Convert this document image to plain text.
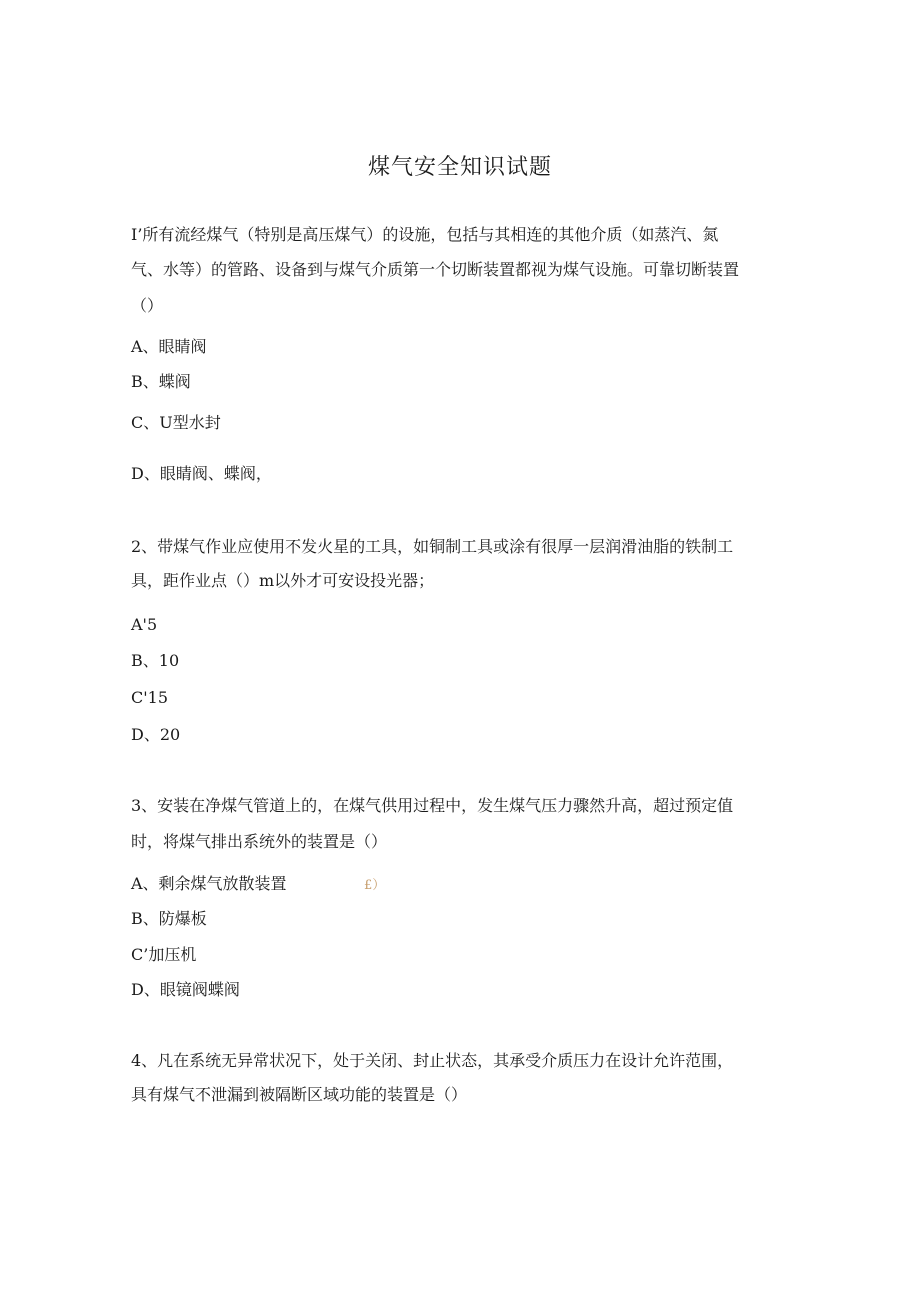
煤气安全知识试题
I’所有流经煤气（特别是高压煤气）的设施，包括与其相连的其他介质（如蒸汽、氮
气、水等）的管路、设备到与煤气介质第一个切断装置都视为煤气设施。可靠切断装置
（）
A、眼睛阀
B、蝶阀
C、U型水封
D、眼睛阀、蝶阀，
2、带煤气作业应使用不发火星的工具，如铜制工具或涂有很厚一层润滑油脂的铁制工
具，距作业点（）m以外才可安设投光器；
A'5
B、10
C'15
D、20
3、安装在净煤气管道上的，在煤气供用过程中，发生煤气压力骤然升高，超过预定值
时，将煤气排出系统外的装置是（）
A、剩余煤气放散装置	£）
B、防爆板
C’加压机
D、眼镜阀蝶阀
4、凡在系统无异常状况下，处于关闭、封止状态，其承受介质压力在设计允许范围，
具有煤气不泄漏到被隔断区域功能的装置是（）
